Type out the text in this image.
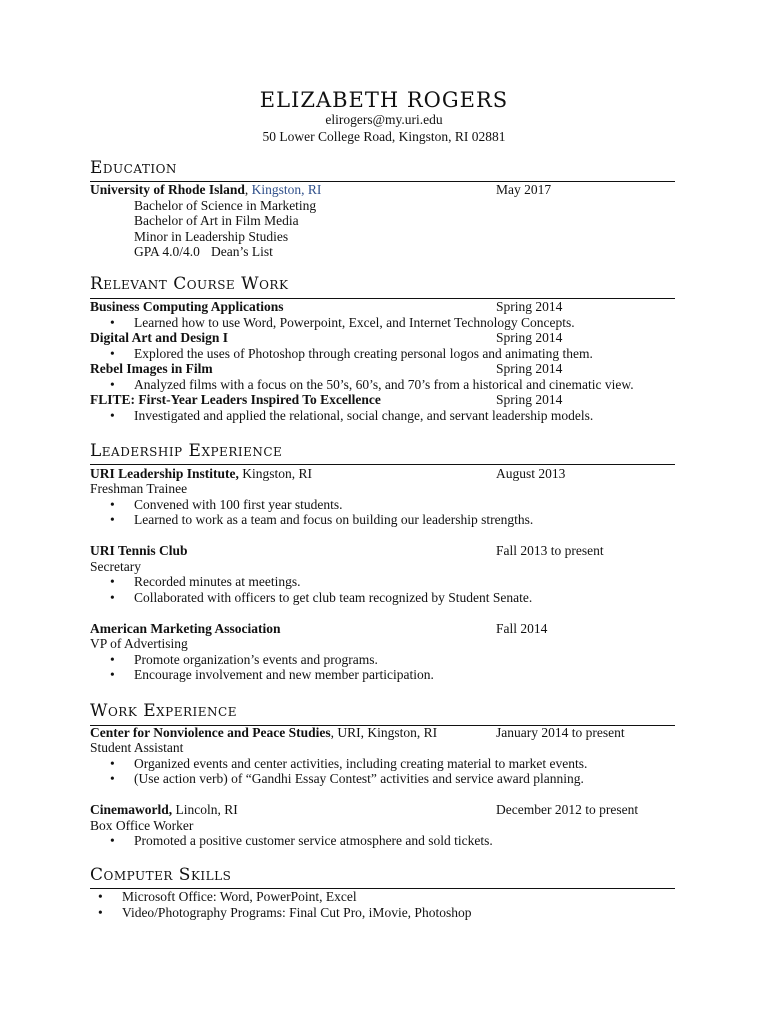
ELIZABETH ROGERS
elirogers@my.uri.edu
50 Lower College Road, Kingston, RI 02881
Education
University of Rhode Island, Kingston, RI	May 2017
Bachelor of Science in Marketing
Bachelor of Art in Film Media
Minor in Leadership Studies
GPA 4.0/4.0 Dean’s List
Relevant Course Work
Business Computing Applications	Spring 2014
• Learned how to use Word, Powerpoint, Excel, and Internet Technology Concepts.
Digital Art and Design I	Spring 2014
• Explored the uses of Photoshop through creating personal logos and animating them.
Rebel Images in Film	Spring 2014
• Analyzed films with a focus on the 50’s, 60’s, and 70’s from a historical and cinematic view.
FLITE: First-Year Leaders Inspired To Excellence	Spring 2014
• Investigated and applied the relational, social change, and servant leadership models.
Leadership Experience
URI Leadership Institute, Kingston, RI	August 2013
Freshman Trainee
• Convened with 100 first year students.
• Learned to work as a team and focus on building our leadership strengths.
URI Tennis Club	Fall 2013 to present
Secretary
• Recorded minutes at meetings.
• Collaborated with officers to get club team recognized by Student Senate.
American Marketing Association	Fall 2014
VP of Advertising
• Promote organization’s events and programs.
• Encourage involvement and new member participation.
Work Experience
Center for Nonviolence and Peace Studies, URI, Kingston, RI	January 2014 to present
Student Assistant
• Organized events and center activities, including creating material to market events.
• (Use action verb) of “Gandhi Essay Contest” activities and service award planning.
Cinemaworld, Lincoln, RI	December 2012 to present
Box Office Worker
• Promoted a positive customer service atmosphere and sold tickets.
Computer Skills
• Microsoft Office: Word, PowerPoint, Excel
• Video/Photography Programs: Final Cut Pro, iMovie, Photoshop
